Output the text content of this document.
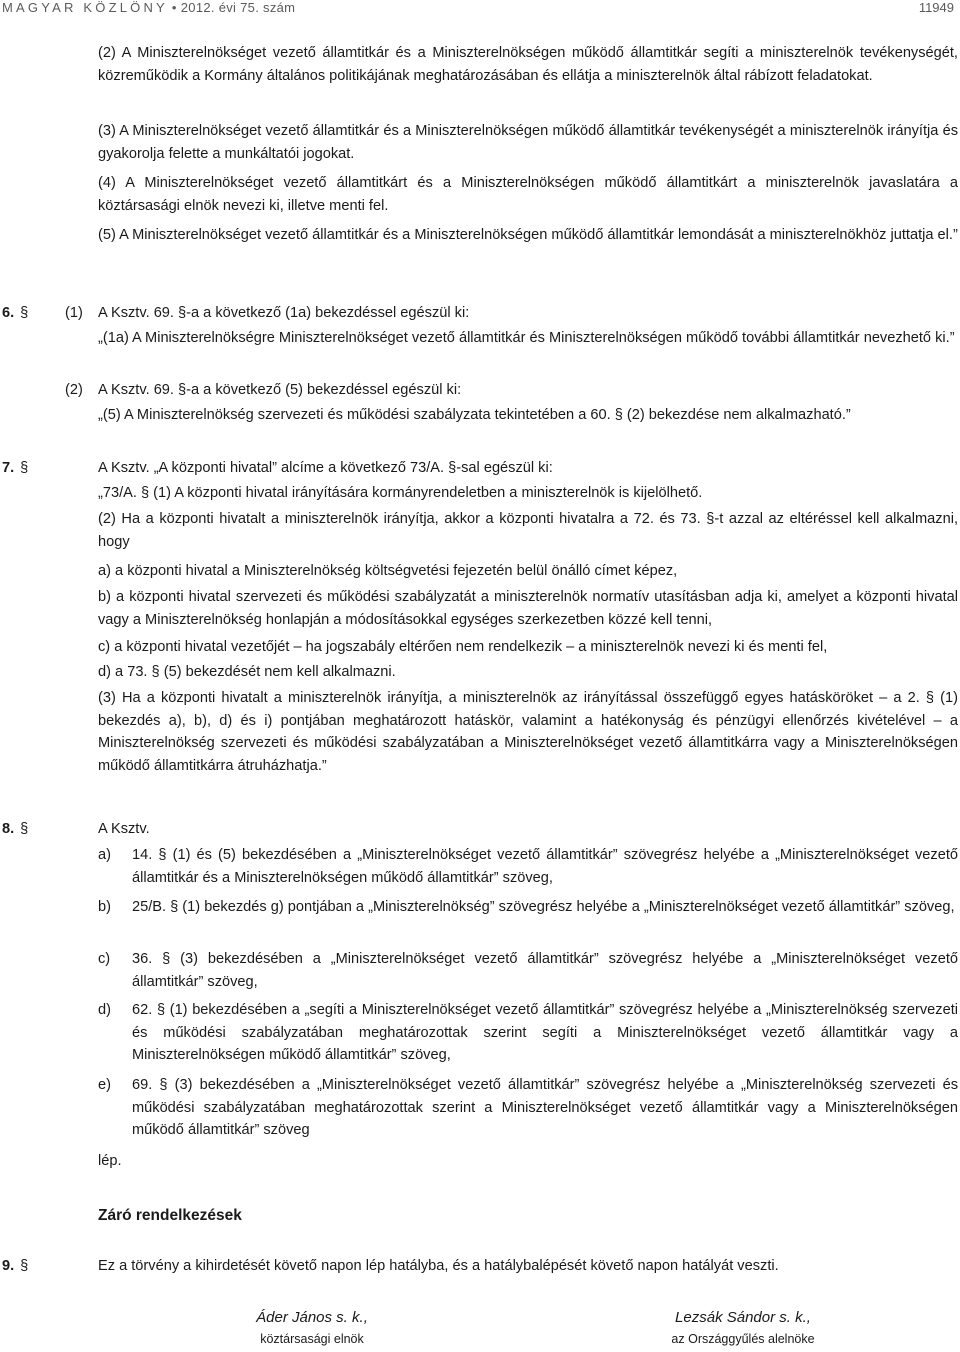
MAGYAR KÖZLÖNY • 2012. évi 75. szám	11949

(2) A Miniszterelnökséget vezető államtitkár és a Miniszterelnökségen működő államtitkár segíti a miniszterelnök tevékenységét, közreműködik a Kormány általános politikájának meghatározásában és ellátja a miniszterelnök által rábízott feladatokat.

(3) A Miniszterelnökséget vezető államtitkár és a Miniszterelnökségen működő államtitkár tevékenységét a miniszterelnök irányítja és gyakorolja felette a munkáltatói jogokat.

(4) A Miniszterelnökséget vezető államtitkárt és a Miniszterelnökségen működő államtitkárt a miniszterelnök javaslatára a köztársasági elnök nevezi ki, illetve menti fel.

(5) A Miniszterelnökséget vezető államtitkár és a Miniszterelnökségen működő államtitkár lemondását a miniszterelnökhöz juttatja el.”

6. §	(1)	A Ksztv. 69. §-a a következő (1a) bekezdéssel egészül ki:

„(1a) A Miniszterelnökségre Miniszterelnökséget vezető államtitkár és Miniszterelnökségen működő további államtitkár nevezhető ki.”

(2)	A Ksztv. 69. §-a a következő (5) bekezdéssel egészül ki:

„(5) A Miniszterelnökség szervezeti és működési szabályzata tekintetében a 60. § (2) bekezdése nem alkalmazható.”

7. §	A Ksztv. „A központi hivatal” alcíme a következő 73/A. §-sal egészül ki:

„73/A. § (1) A központi hivatal irányítására kormányrendeletben a miniszterelnök is kijelölhető.

(2) Ha a központi hivatalt a miniszterelnök irányítja, akkor a központi hivatalra a 72. és 73. §-t azzal az eltéréssel kell alkalmazni, hogy

a) a központi hivatal a Miniszterelnökség költségvetési fejezetén belül önálló címet képez,

b) a központi hivatal szervezeti és működési szabályzatát a miniszterelnök normatív utasításban adja ki, amelyet a központi hivatal vagy a Miniszterelnökség honlapján a módosításokkal egységes szerkezetben közzé kell tenni,

c) a központi hivatal vezetőjét – ha jogszabály eltérően nem rendelkezik – a miniszterelnök nevezi ki és menti fel,

d) a 73. § (5) bekezdését nem kell alkalmazni.

(3) Ha a központi hivatalt a miniszterelnök irányítja, a miniszterelnök az irányítással összefüggő egyes hatásköröket – a 2. § (1) bekezdés a), b), d) és i) pontjában meghatározott hatáskör, valamint a hatékonyság és pénzügyi ellenőrzés kivételével – a Miniszterelnökség szervezeti és működési szabályzatában a Miniszterelnökséget vezető államtitkárra vagy a Miniszterelnökségen működő államtitkárra átruházhatja.”

8. §	A Ksztv.

a)	14. § (1) és (5) bekezdésében a „Miniszterelnökséget vezető államtitkár” szövegrész helyébe a „Miniszterelnökséget vezető államtitkár és a Miniszterelnökségen működő államtitkár” szöveg,

b)	25/B. § (1) bekezdés g) pontjában a „Miniszterelnökség” szövegrész helyébe a „Miniszterelnökséget vezető államtitkár” szöveg,

c)	36. § (3) bekezdésében a „Miniszterelnökséget vezető államtitkár” szövegrész helyébe a „Miniszterelnökséget vezető államtitkár” szöveg,

d)	62. § (1) bekezdésében a „segíti a Miniszterelnökséget vezető államtitkár” szövegrész helyébe a „Miniszterelnökség szervezeti és működési szabályzatában meghatározottak szerint segíti a Miniszterelnökséget vezető államtitkár vagy a Miniszterelnökségen működő államtitkár” szöveg,

e)	69. § (3) bekezdésében a „Miniszterelnökséget vezető államtitkár” szövegrész helyébe a „Miniszterelnökség szervezeti és működési szabályzatában meghatározottak szerint a Miniszterelnökséget vezető államtitkár vagy a Miniszterelnökségen működő államtitkár” szöveg

lép.

Záró rendelkezések

9. §	Ez a törvény a kihirdetését követő napon lép hatályba, és a hatálybalépését követő napon hatályát veszti.

Áder János s. k.,
köztársasági elnök
Lezsák Sándor s. k.,
az Országgyűlés alelnöke
